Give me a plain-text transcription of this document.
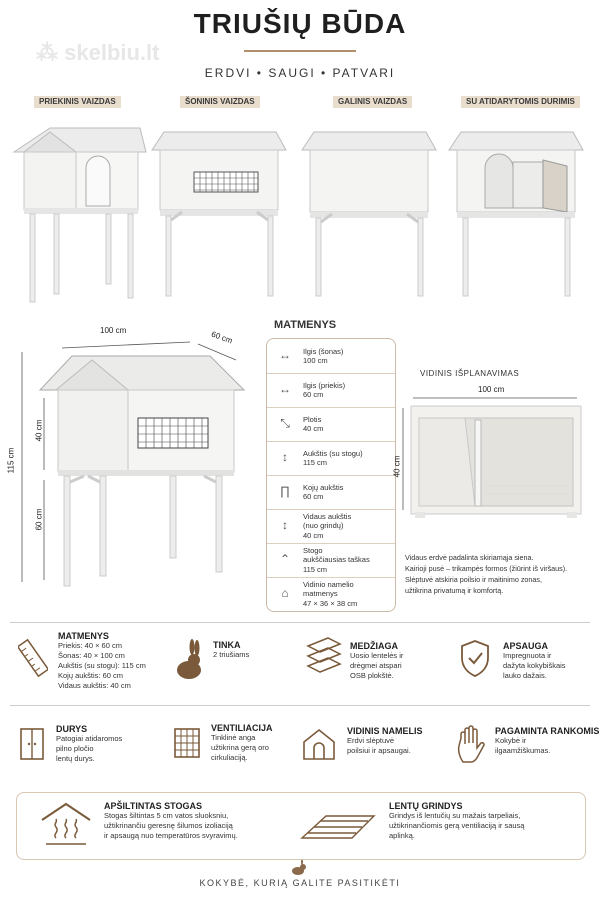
⁂ skelbiu.lt
TRIUŠIŲ BŪDA
ERDVI • SAUGI • PATVARI
PRIEKINIS VAIZDAS	ŠONINIS VAIZDAS	GALINIS VAIZDAS	SU ATIDARYTOMIS DURIMIS
100 cm	60 cm
115 cm
40 cm
60 cm
MATMENYS
↔	Ilgis (šonas)
100 cm
↔	Ilgis (priekis)
60 cm
⤡	Plotis
40 cm
↕	Aukštis (su stogu)
115 cm
∏	Kojų aukštis
60 cm
↕
Vidaus aukštis
(nuo grindų)
40 cm
⌃
Stogo
aukščiausias taškas
115 cm
⌂
Vidinio namelio
matmenys
47 × 36 × 38 cm
VIDINIS IŠPLANAVIMAS
100 cm
40 cm
Vidaus erdvė padalinta skiriamąja siena.
Kairioji pusė – trikampės formos (žiūrint iš viršaus).
Slėptuvė atskiria poilsio ir maitinimo zonas,
užtikrina privatumą ir komfortą.
MATMENYS
Priekis: 40 × 60 cm
Šonas: 40 × 100 cm
Aukštis (su stogu): 115 cm
Kojų aukštis: 60 cm
Vidaus aukštis: 40 cm
TINKA
2 triušiams
MEDŽIAGA
Uosio lentelės ir
drėgmei atspari
OSB plokštė.
APSAUGA
Impregnuota ir
dažyta kokybiškais
lauko dažais.
DURYS
Patogiai atidaromos
pilno pločio
lentų durys.
VENTILIACIJA
Tinklinė anga
užtikrina gerą oro
cirkuliaciją.
VIDINIS NAMELIS
Erdvi slėptuvė
poilsiui ir apsaugai.
PAGAMINTA RANKOMIS
Kokybė ir
ilgaamžiškumas.
APŠILTINTAS STOGAS
Stogas šiltintas 5 cm vatos sluoksniu,
užtikrinančiu geresnę šilumos izoliaciją
ir apsaugą nuo temperatūros svyravimų.
LENTŲ GRINDYS
Grindys iš lentučių su mažais tarpeliais,
užtikrinančiomis gerą ventiliaciją ir sausą
aplinką.
KOKYBĖ, KURIĄ GALITE PASITIKĖTI
